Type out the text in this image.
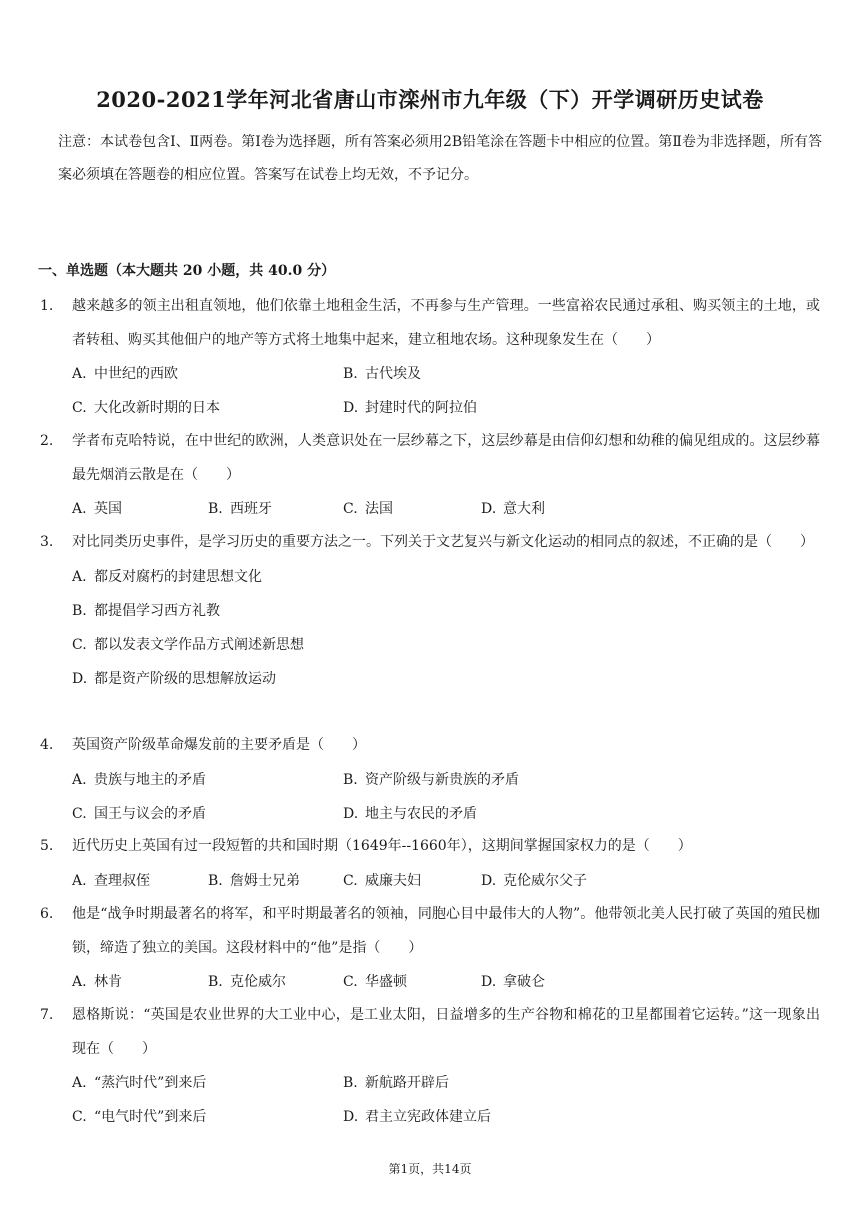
2020-2021学年河北省唐山市滦州市九年级（下）开学调研历史试卷
注意：本试卷包含Ⅰ、Ⅱ两卷。第Ⅰ卷为选择题，所有答案必须用2B铅笔涂在答题卡中相应的位置。第Ⅱ卷为非选择题，所有答案必须填在答题卷的相应位置。答案写在试卷上均无效，不予记分。
一、单选题（本大题共 20 小题，共 40.0 分）
1.	越来越多的领主出租直领地，他们依靠土地租金生活，不再参与生产管理。一些富裕农民通过承租、购买领主的土地，或者转租、购买其他佃户的地产等方式将土地集中起来，建立租地农场。这种现象发生在（　　）
A. 中世纪的西欧	B. 古代埃及
C. 大化改新时期的日本	D. 封建时代的阿拉伯
2.	学者布克哈特说，在中世纪的欧洲，人类意识处在一层纱幕之下，这层纱幕是由信仰幻想和幼稚的偏见组成的。这层纱幕最先烟消云散是在（　　）
A. 英国	B. 西班牙	C. 法国	D. 意大利
3.	对比同类历史事件，是学习历史的重要方法之一。下列关于文艺复兴与新文化运动的相同点的叙述，不正确的是（　　）
A. 都反对腐朽的封建思想文化
B. 都提倡学习西方礼教
C. 都以发表文学作品方式阐述新思想
D. 都是资产阶级的思想解放运动
4.	英国资产阶级革命爆发前的主要矛盾是（　　）
A. 贵族与地主的矛盾	B. 资产阶级与新贵族的矛盾
C. 国王与议会的矛盾	D. 地主与农民的矛盾
5.	近代历史上英国有过一段短暂的共和国时期（1649年--1660年），这期间掌握国家权力的是（　　）
A. 查理叔侄	B. 詹姆士兄弟	C. 威廉夫妇	D. 克伦威尔父子
6.	他是“战争时期最著名的将军，和平时期最著名的领袖，同胞心目中最伟大的人物”。他带领北美人民打破了英国的殖民枷锁，缔造了独立的美国。这段材料中的“他”是指（　　）
A. 林肯	B. 克伦威尔	C. 华盛顿	D. 拿破仑
7.	恩格斯说：“英国是农业世界的大工业中心，是工业太阳，日益增多的生产谷物和棉花的卫星都围着它运转。”这一现象出现在（　　）
A. “蒸汽时代”到来后	B. 新航路开辟后
C. “电气时代”到来后	D. 君主立宪政体建立后
第1页，共14页
